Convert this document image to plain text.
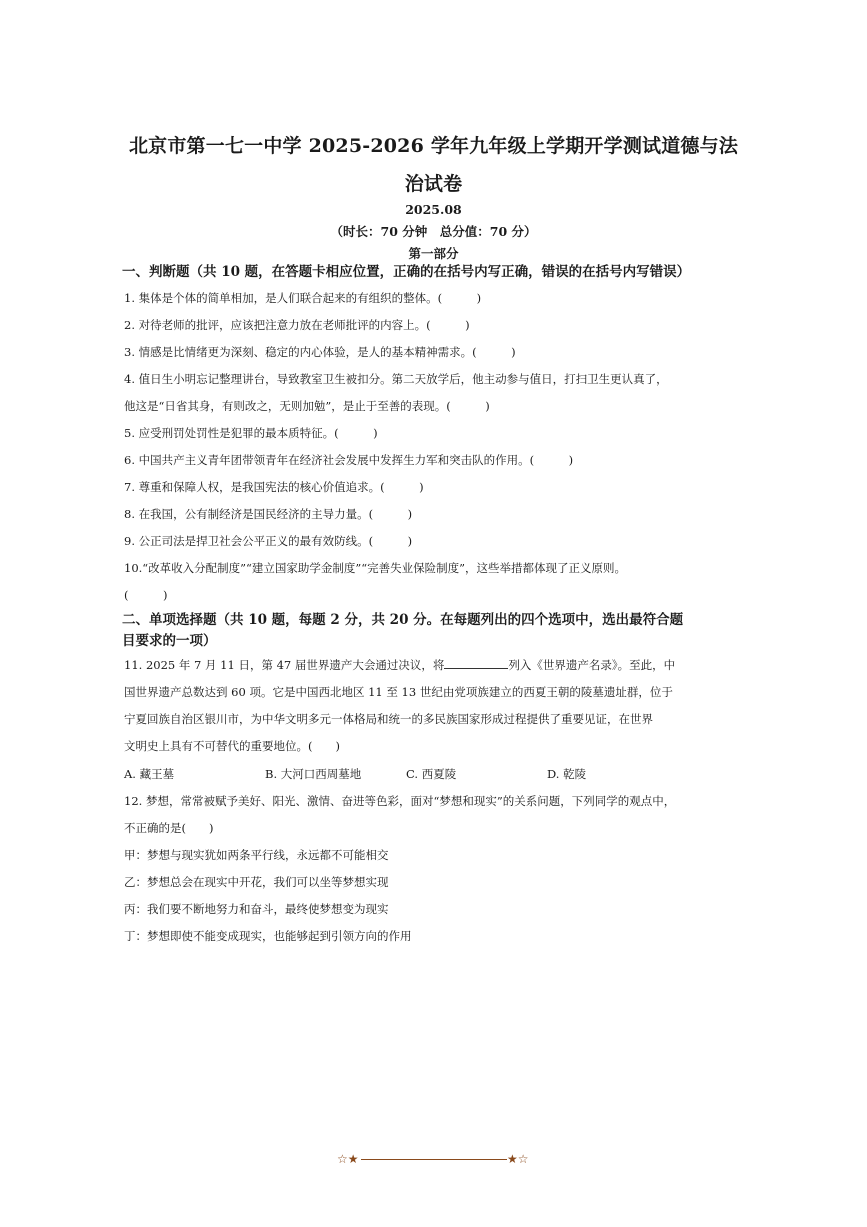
北京市第一七一中学 2025-2026 学年九年级上学期开学测试道德与法
治试卷
2025.08
（时长：70 分钟　总分值：70 分）
第一部分
一、判断题（共 10 题，在答题卡相应位置，正确的在括号内写正确，错误的在括号内写错误）
1. 集体是个体的简单相加，是人们联合起来的有组织的整体。(　　　)
2. 对待老师的批评，应该把注意力放在老师批评的内容上。(　　　)
3. 情感是比情绪更为深刻、稳定的内心体验，是人的基本精神需求。(　　　)
4. 值日生小明忘记整理讲台，导致教室卫生被扣分。第二天放学后，他主动参与值日，打扫卫生更认真了，
他这是“日省其身，有则改之，无则加勉”，是止于至善的表现。(　　　)
5. 应受刑罚处罚性是犯罪的最本质特征。(　　　)
6. 中国共产主义青年团带领青年在经济社会发展中发挥生力军和突击队的作用。(　　　)
7. 尊重和保障人权，是我国宪法的核心价值追求。(　　　)
8. 在我国，公有制经济是国民经济的主导力量。(　　　)
9. 公正司法是捍卫社会公平正义的最有效防线。(　　　)
10.“改革收入分配制度”“建立国家助学金制度”“完善失业保险制度”，这些举措都体现了正义原则。
(　　　)
二、单项选择题（共 10 题，每题 2 分，共 20 分。在每题列出的四个选项中，选出最符合题
目要求的一项）
11. 2025 年 7 月 11 日，第 47 届世界遗产大会通过决议，将	列入《世界遗产名录》。至此，中
国世界遗产总数达到 60 项。它是中国西北地区 11 至 13 世纪由党项族建立的西夏王朝的陵墓遗址群，位于
宁夏回族自治区银川市，为中华文明多元一体格局和统一的多民族国家形成过程提供了重要见证，在世界
文明史上具有不可替代的重要地位。(　　)
A. 藏王墓	B. 大河口西周墓地	C. 西夏陵	D. 乾陵
12. 梦想，常常被赋予美好、阳光、激情、奋进等色彩，面对“梦想和现实”的关系问题，下列同学的观点中，
不正确的是(　　)
甲：梦想与现实犹如两条平行线，永远都不可能相交
乙：梦想总会在现实中开花，我们可以坐等梦想实现
丙：我们要不断地努力和奋斗，最终使梦想变为现实
丁：梦想即使不能变成现实，也能够起到引领方向的作用
☆★	★☆
